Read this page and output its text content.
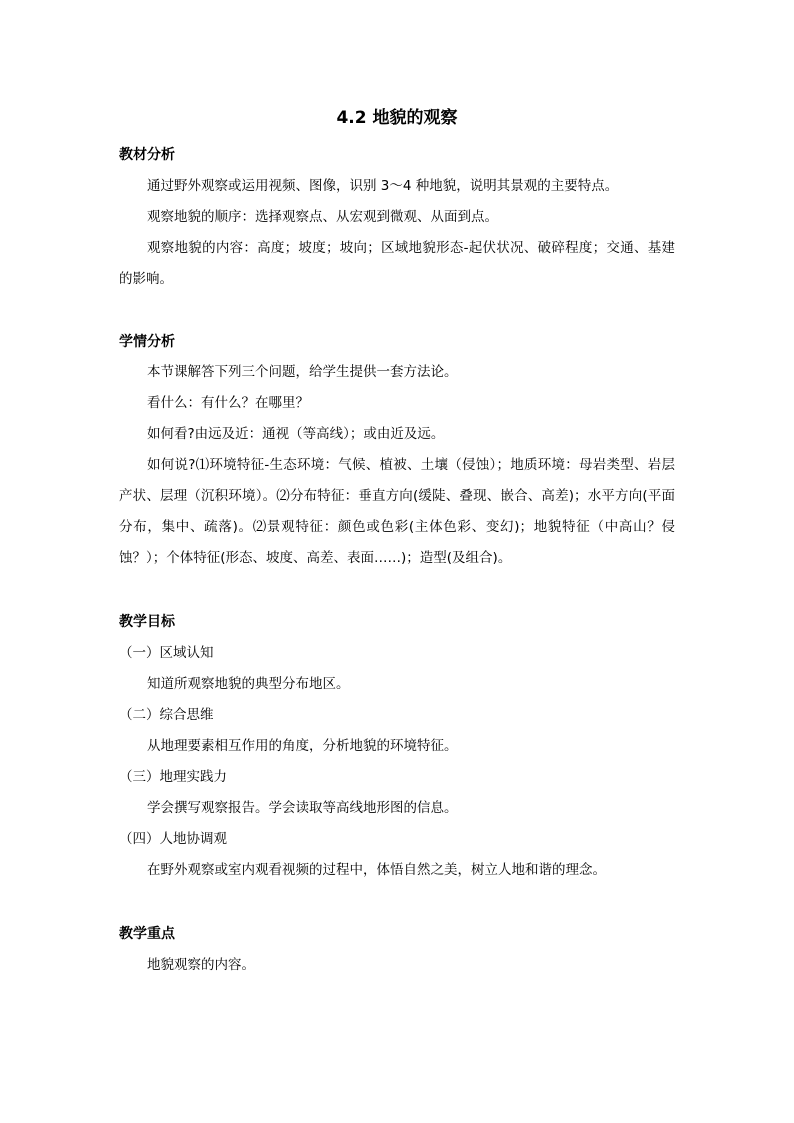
4.2 地貌的观察
教材分析

通过野外观察或运用视频、图像，识别 3～4 种地貌，说明其景观的主要特点。

观察地貌的顺序：选择观察点、从宏观到微观、从面到点。

观察地貌的内容：高度；坡度；坡向；区域地貌形态-起伏状况、破碎程度；交通、基建的影响。

学情分析

本节课解答下列三个问题，给学生提供一套方法论。

看什么：有什么？在哪里？

如何看?由远及近：通视（等高线）；或由近及远。

如何说?⑴环境特征-生态环境：气候、植被、土壤（侵蚀）；地质环境：母岩类型、岩层产状、层理（沉积环境）。⑵分布特征：垂直方向(缓陡、叠现、嵌合、高差)；水平方向(平面分布，集中、疏落)。⑵景观特征：颜色或色彩(主体色彩、变幻)；地貌特征（中高山？侵蚀？）；个体特征(形态、坡度、高差、表面……)；造型(及组合)。

教学目标

（一）区域认知

知道所观察地貌的典型分布地区。

（二）综合思维

从地理要素相互作用的角度，分析地貌的环境特征。

（三）地理实践力

学会撰写观察报告。学会读取等高线地形图的信息。

（四）人地协调观

在野外观察或室内观看视频的过程中，体悟自然之美，树立人地和谐的理念。

教学重点

地貌观察的内容。
